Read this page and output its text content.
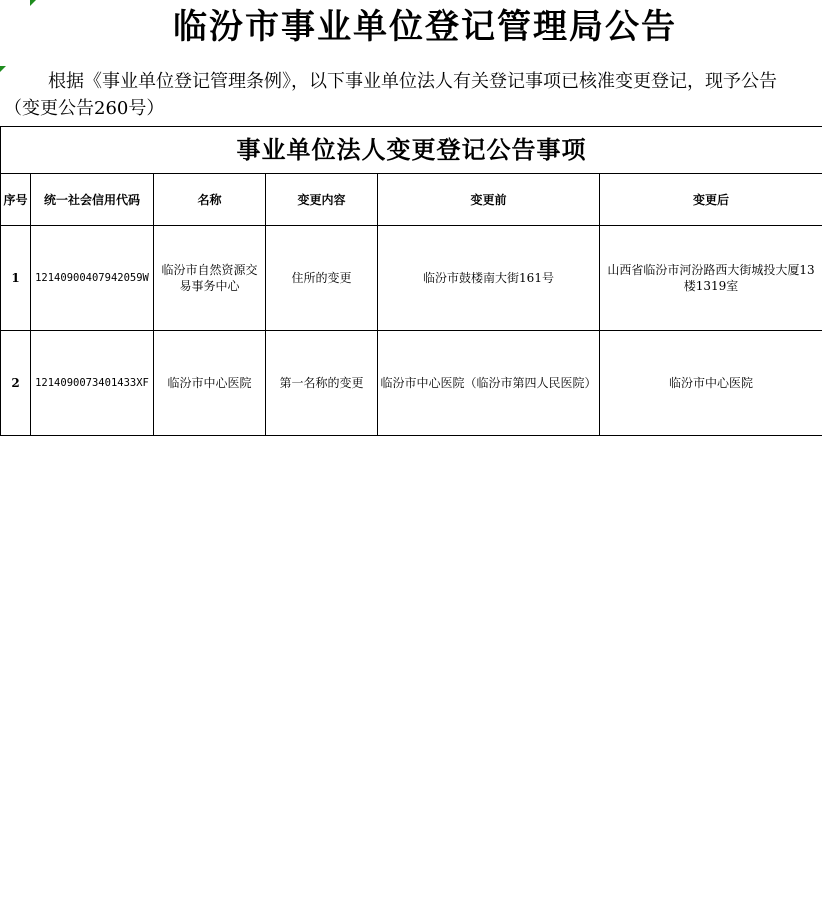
临汾市事业单位登记管理局公告
根据《事业单位登记管理条例》，以下事业单位法人有关登记事项已核准变更登记，现予公告（变更公告260号）
事业单位法人变更登记公告事项					
序号	统一社会信用代码	名称	变更内容	变更前	变更后
1	12140900407942059W	临汾市自然资源交易事务中心	住所的变更	临汾市鼓楼南大街161号	山西省临汾市河汾路西大街城投大厦13楼1319室
2	1214090073401433XF	临汾市中心医院	第一名称的变更	临汾市中心医院（临汾市第四人民医院）	临汾市中心医院
